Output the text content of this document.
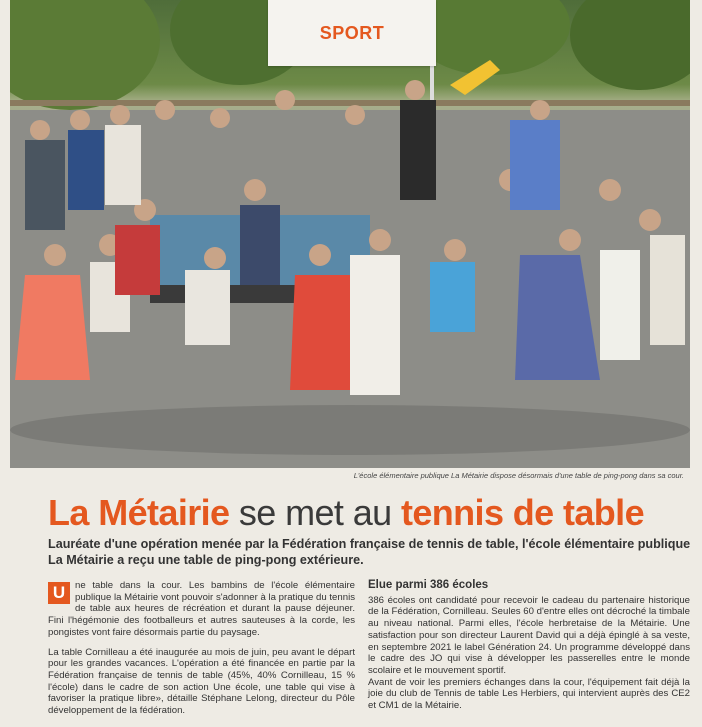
SPORT
L'école élémentaire publique La Métairie dispose désormais d'une table de ping-pong dans sa cour.
La Métairie se met au tennis de table
Lauréate d'une opération menée par la Fédération française de tennis de table, l'école élémentaire publique La Métairie a reçu une table de ping-pong extérieure.

U	ne table dans la cour. Les bambins de l'école élémentaire publique la Métairie vont pouvoir s'adonner à la pratique du tennis de table aux heures de récréation et durant la pause déjeuner. Fini l'hégémonie des footballeurs et autres sauteuses à la corde, les pongistes vont faire désormais partie du paysage.

La table Cornilleau a été inaugurée au mois de juin, peu avant le départ pour les grandes vacances. L'opération a été financée en partie par la Fédération française de tennis de table (45%, 40% Cornilleau, 15 % l'école) dans le cadre de son action Une école, une table qui vise à favoriser la pratique libre», détaille Stéphane Lelong, directeur du Pôle développement de la fédération.

Elue parmi 386 écoles

386 écoles ont candidaté pour recevoir le cadeau du partenaire historique de la Fédération, Cornilleau. Seules 60 d'entre elles ont décroché la timbale au niveau national. Parmi elles, l'école herbretaise de la Métairie. Une satisfaction pour son directeur Laurent David qui a déjà épinglé à sa veste, en septembre 2021 le label Génération 24. Un programme développé dans le cadre des JO qui vise à développer les passerelles entre le monde scolaire et le mouvement sportif.

Avant de voir les premiers échanges dans la cour, l'équipement fait déjà la joie du club de Tennis de table Les Herbiers, qui intervient auprès des CE2 et CM1 de la Métairie.
